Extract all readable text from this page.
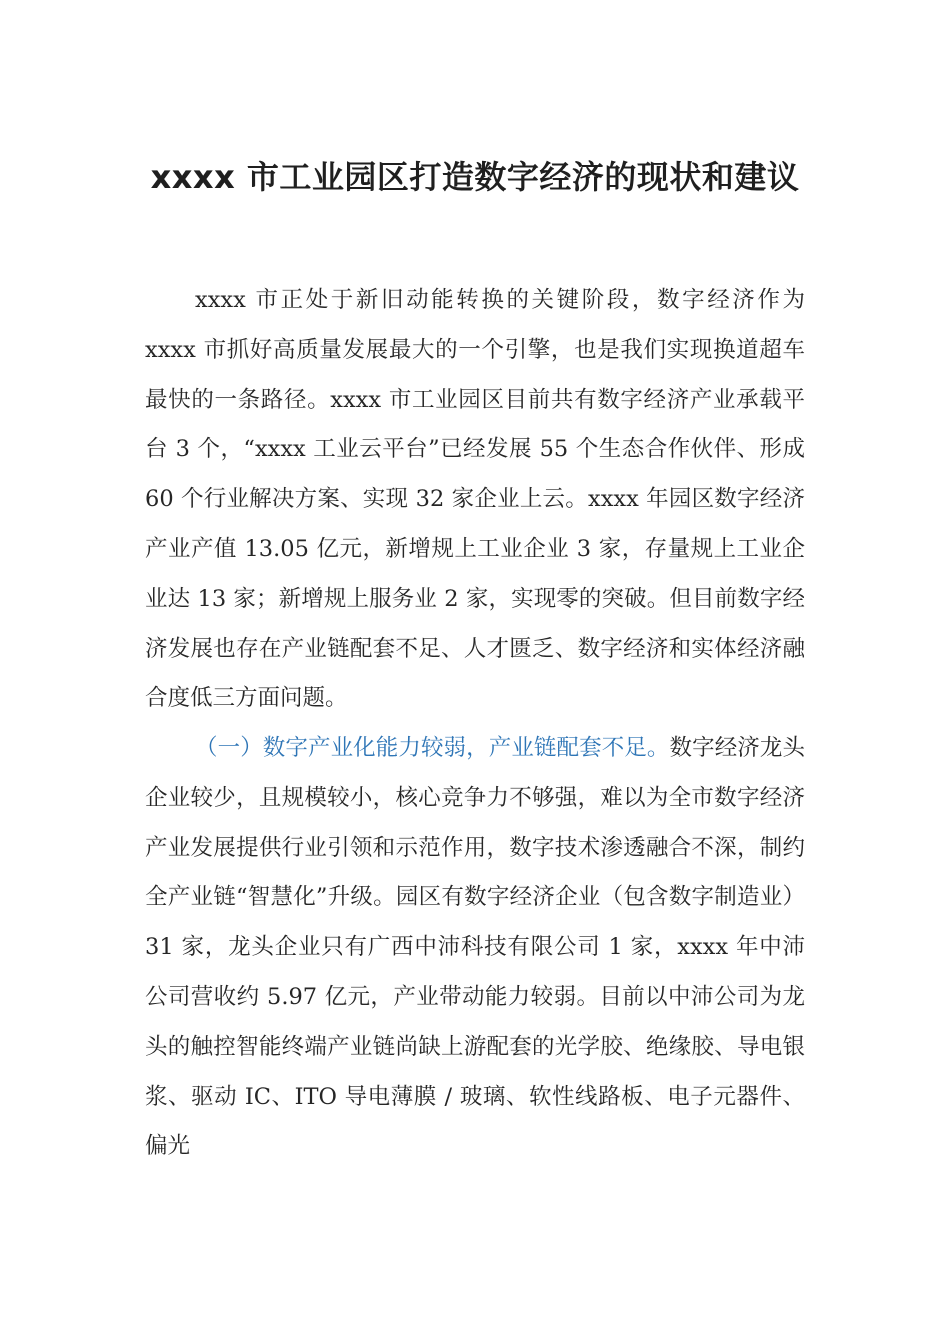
xxxx 市工业园区打造数字经济的现状和建议

xxxx 市正处于新旧动能转换的关键阶段，数字经济作为 xxxx 市抓好高质量发展最大的一个引擎，也是我们实现换道超车最快的一条路径。xxxx 市工业园区目前共有数字经济产业承载平台 3 个，“xxxx 工业云平台”已经发展 55 个生态合作伙伴、形成 60 个行业解决方案、实现 32 家企业上云。xxxx 年园区数字经济产业产值 13.05 亿元，新增规上工业企业 3 家，存量规上工业企业达 13 家；新增规上服务业 2 家，实现零的突破。但目前数字经济发展也存在产业链配套不足、人才匮乏、数字经济和实体经济融合度低三方面问题。

（一）数字产业化能力较弱，产业链配套不足。数字经济龙头企业较少，且规模较小，核心竞争力不够强，难以为全市数字经济产业发展提供行业引领和示范作用，数字技术渗透融合不深，制约全产业链“智慧化”升级。园区有数字经济企业（包含数字制造业）31 家，龙头企业只有广西中沛科技有限公司 1 家，xxxx 年中沛公司营收约 5.97 亿元，产业带动能力较弱。目前以中沛公司为龙头的触控智能终端产业链尚缺上游配套的光学胶、绝缘胶、导电银浆、驱动 IC、ITO 导电薄膜 / 玻璃、软性线路板、电子元器件、偏光
